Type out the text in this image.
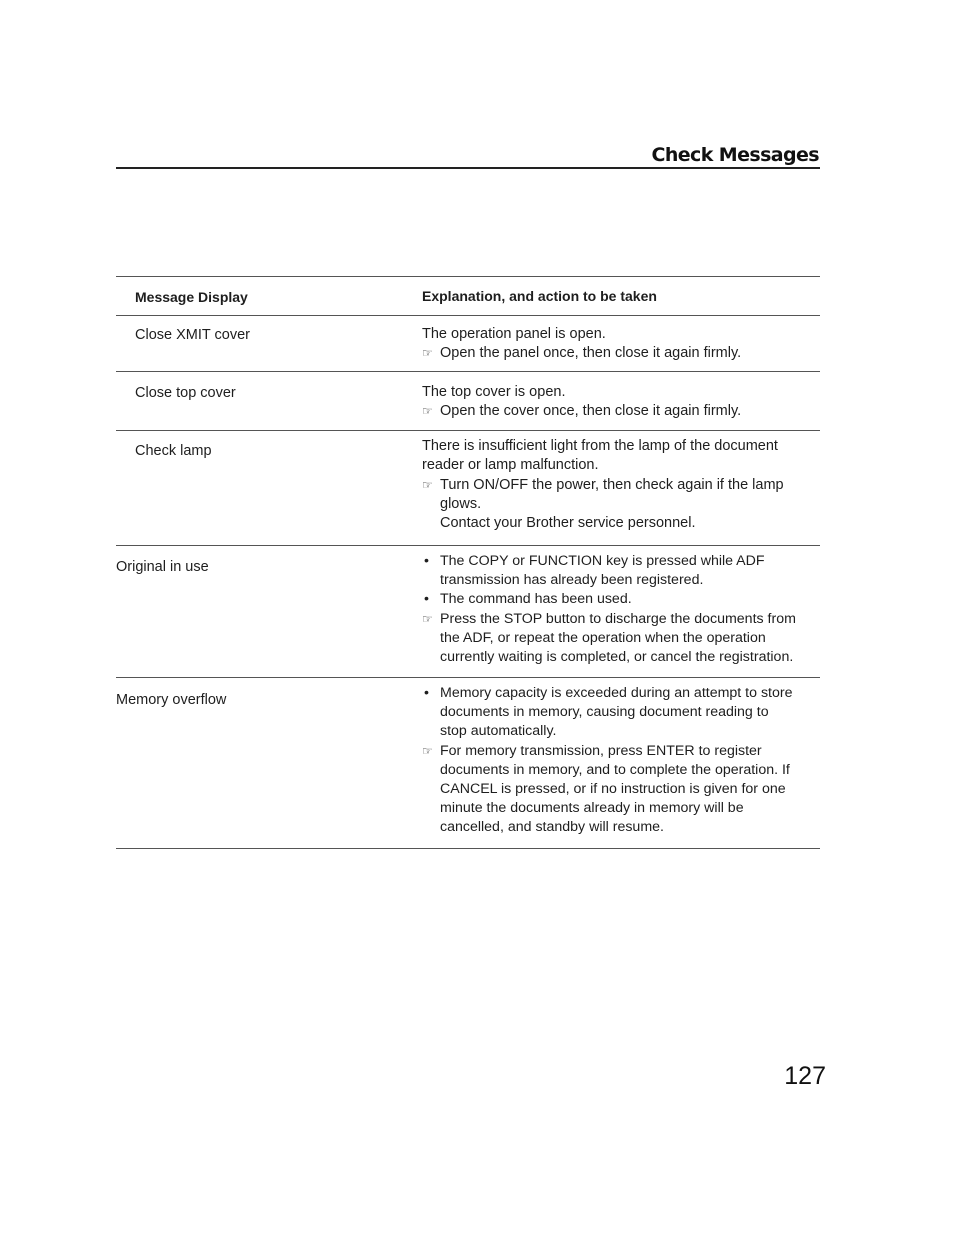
Check Messages
Message Display	Explanation, and action to be taken
Close XMIT cover
Close top cover
Check lamp
Original in use
Memory overflow
The operation panel is open.
☞ Open the panel once, then close it again firmly.
The top cover is open.
☞ Open the cover once, then close it again firmly.
There is insufficient light from the lamp of the document
reader or lamp malfunction.
☞ Turn ON/OFF the power, then check again if the lamp
glows.
Contact your Brother service personnel.
• The COPY or FUNCTION key is pressed while ADF
transmission has already been registered.
• The command has been used.
☞ Press the STOP button to discharge the documents from
the ADF, or repeat the operation when the operation
currently waiting is completed, or cancel the registration.
• Memory capacity is exceeded during an attempt to store
documents in memory, causing document reading to
stop automatically.
☞ For memory transmission, press ENTER to register
documents in memory, and to complete the operation. If
CANCEL is pressed, or if no instruction is given for one
minute the documents already in memory will be
cancelled, and standby will resume.
127
